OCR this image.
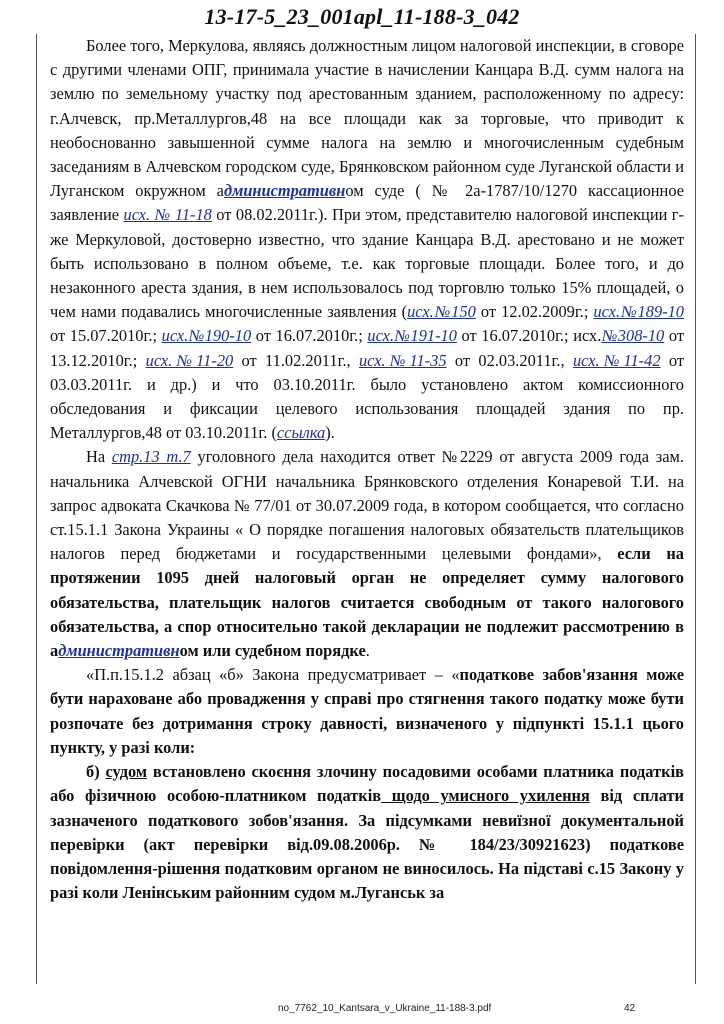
13-17-5_23_001apl_11-188-3_042

Более того, Меркулова, являясь должностным лицом налоговой инспекции, в сговоре с другими членами ОПГ, принимала участие в начислении Канцара В.Д. сумм налога на землю по земельному участку под арестованным зданием, расположенному по адресу: г.Алчевск, пр.Металлургов,48 на все площади как за торговые, что приводит к необоснованно завышенной сумме налога на землю и многочисленным судебным заседаниям в Алчевском городском суде, Брянковском районном суде Луганской области и Луганском окружном административном суде ( № 2а-1787/10/1270 кассационное заявление исх. № 11-18 от 08.02.2011г.). При этом, представителю налоговой инспекции г-же Меркуловой, достоверно известно, что здание Канцара В.Д. арестовано и не может быть использовано в полном объеме, т.е. как торговые площади. Более того, и до незаконного ареста здания, в нем использовалось под торговлю только 15% площадей, о чем нами подавались многочисленные заявления (исх.№150 от 12.02.2009г.; исх.№189-10 от 15.07.2010г.; исх.№190-10 от 16.07.2010г.; исх.№191-10 от 16.07.2010г.; исх.№308-10 от 13.12.2010г.; исх.№11-20 от 11.02.2011г., исх.№11-35 от 02.03.2011г., исх.№11-42 от 03.03.2011г. и др.) и что 03.10.2011г. было установлено актом комиссионного обследования и фиксации целевого использования площадей здания по пр. Металлургов,48 от 03.10.2011г. (ссылка).

На стр.13 т.7 уголовного дела находится ответ №2229 от августа 2009 года зам. начальника Алчевской ОГНИ начальника Брянковского отделения Конаревой Т.И. на запрос адвоката Скачкова № 77/01 от 30.07.2009 года, в котором сообщается, что согласно ст.15.1.1 Закона Украины « О порядке погашения налоговых обязательств плательщиков налогов перед бюджетами и государственными целевыми фондами», если на протяжении 1095 дней налоговый орган не определяет сумму налогового обязательства, плательщик налогов считается свободным от такого налогового обязательства, а спор относительно такой декларации не подлежит рассмотрению в административном или судебном порядке.

«П.п.15.1.2 абзац «б» Закона предусматривает – «податкове забов'язання може бути нараховане або провадження у справі про стягнення такого податку може бути розпочате без дотримання строку давності, визначеного у підпункті 15.1.1 цього пункту, у разі коли:

б) судом встановлено скоєння злочину посадовими особами платника податків або фізичною особою-платником податків щодо умисного ухилення від сплати зазначеного податкового зобов'язання. За підсумками невиїзної документальной перевірки (акт перевірки від.09.08.2006р. № 184/23/30921623) податкове повідомлення-рішення податковим органом не виносилось. На підставі с.15 Закону у разі коли Ленінським районним судом м.Луганськ за

no_7762_10_Kantsara_v_Ukraine_11-188-3.pdf	42
